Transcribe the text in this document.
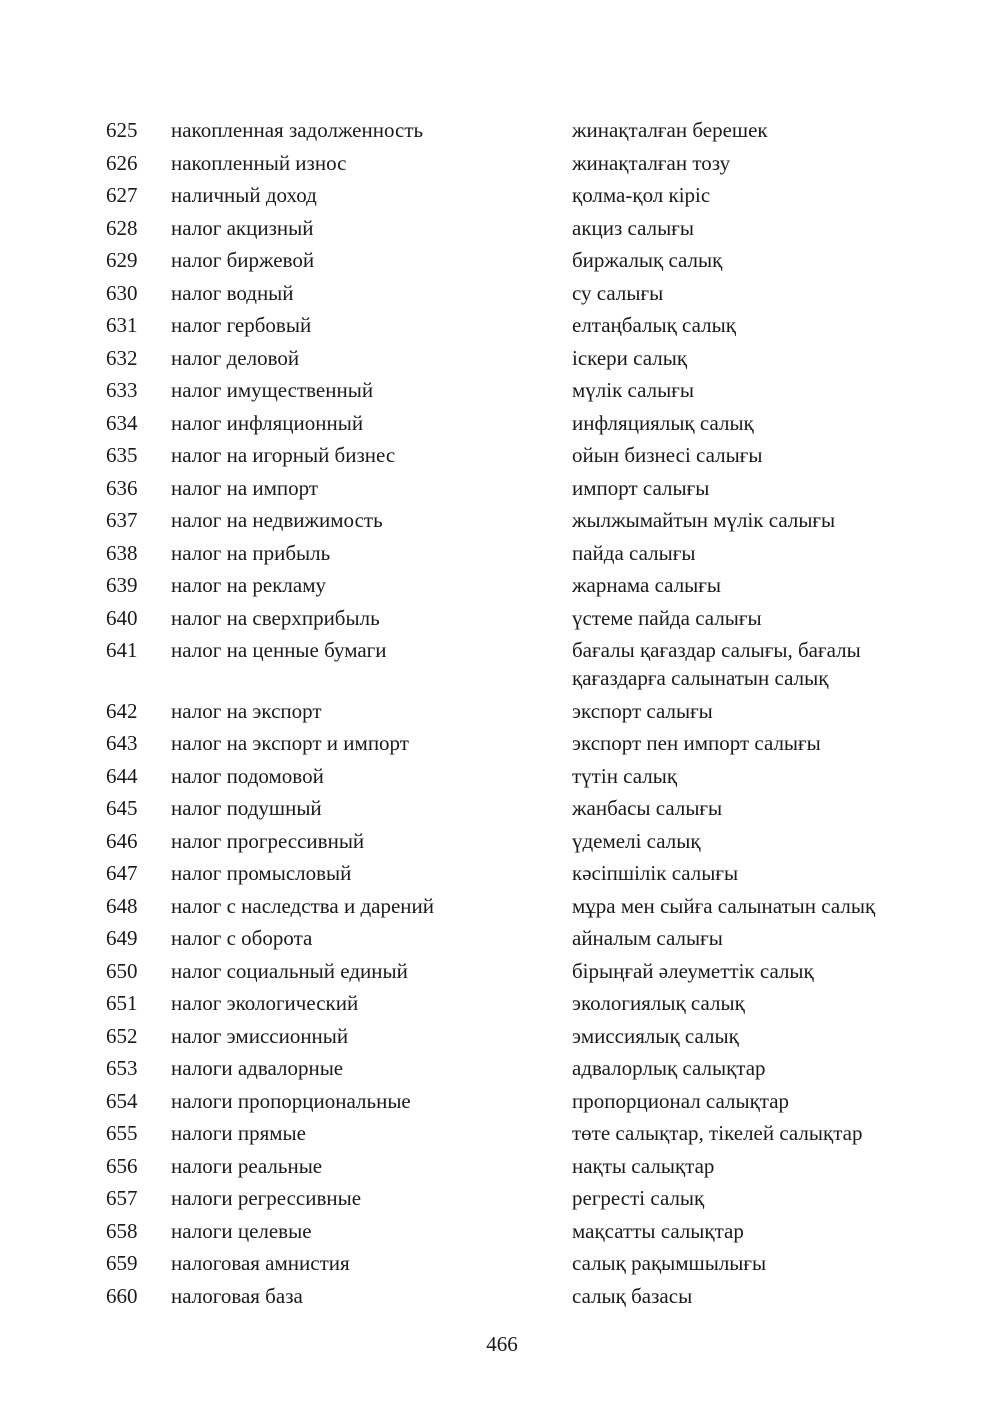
625	накопленная задолженность	жинақталған берешек
626	накопленный износ	жинақталған тозу
627	наличный доход	қолма-қол кіріс
628	налог акцизный	акциз салығы
629	налог биржевой	биржалық салық
630	налог водный	су салығы
631	налог гербовый	елтаңбалық салық
632	налог деловой	іскери салық
633	налог имущественный	мүлік салығы
634	налог инфляционный	инфляциялық салық
635	налог на игорный бизнес	ойын бизнесі салығы
636	налог на импорт	импорт салығы
637	налог на недвижимость	жылжымайтын мүлік салығы
638	налог на прибыль	пайда салығы
639	налог на рекламу	жарнама салығы
640	налог на сверхприбыль	үстеме пайда салығы
641	налог на ценные бумаги	бағалы қағаздар салығы, бағалы қағаздарға салынатын салық
642	налог на экспорт	экспорт салығы
643	налог на экспорт и импорт	экспорт пен импорт салығы
644	налог подомовой	түтін салық
645	налог подушный	жанбасы салығы
646	налог прогрессивный	үдемелі салық
647	налог промысловый	кәсіпшілік салығы
648	налог с наследства и дарений	мұра мен сыйға салынатын салық
649	налог с оборота	айналым салығы
650	налог социальный единый	бірыңғай әлеуметтік салық
651	налог экологический	экологиялық салық
652	налог эмиссионный	эмиссиялық салық
653	налоги адвалорные	адвалорлық салықтар
654	налоги пропорциональные	пропорционал салықтар
655	налоги прямые	төте салықтар, тікелей салықтар
656	налоги реальные	нақты салықтар
657	налоги регрессивные	регресті салық
658	налоги целевые	мақсатты салықтар
659	налоговая амнистия	салық рақымшылығы
660	налоговая база	салық базасы
466
